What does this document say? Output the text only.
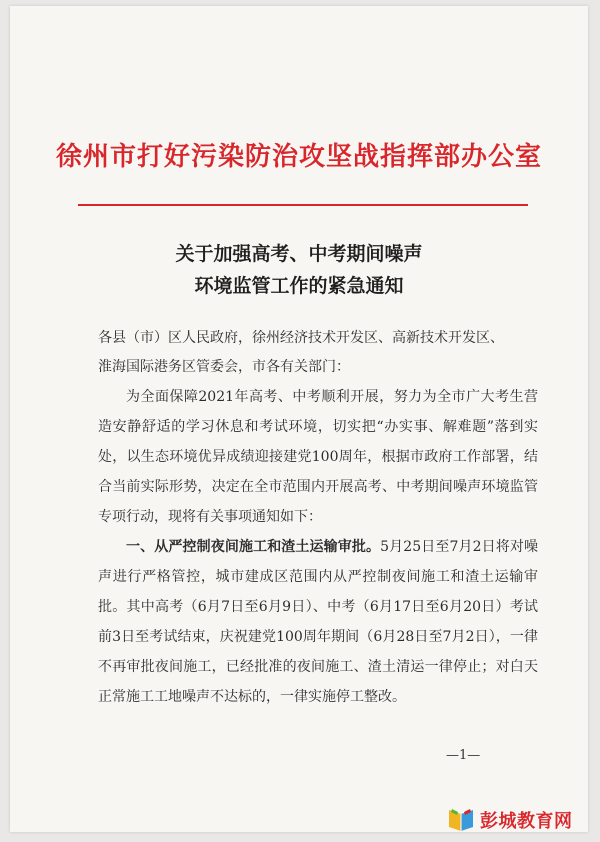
徐州市打好污染防治攻坚战指挥部办公室
关于加强高考、中考期间噪声
环境监管工作的紧急通知
各县（市）区人民政府，徐州经济技术开发区、高新技术开发区、
淮海国际港务区管委会，市各有关部门：

为全面保障2021年高考、中考顺利开展，努力为全市广大考生营造安静舒适的学习休息和考试环境，切实把“办实事、解难题”落到实处，以生态环境优异成绩迎接建党100周年，根据市政府工作部署，结合当前实际形势，决定在全市范围内开展高考、中考期间噪声环境监管专项行动，现将有关事项通知如下：

一、从严控制夜间施工和渣土运输审批。5月25日至7月2日将对噪声进行严格管控，城市建成区范围内从严控制夜间施工和渣土运输审批。其中高考（6月7日至6月9日）、中考（6月17日至6月20日）考试前3日至考试结束，庆祝建党100周年期间（6月28日至7月2日），一律不再审批夜间施工，已经批准的夜间施工、渣土清运一律停止；对白天正常施工工地噪声不达标的，一律实施停工整改。

—1—
彭城教育网
